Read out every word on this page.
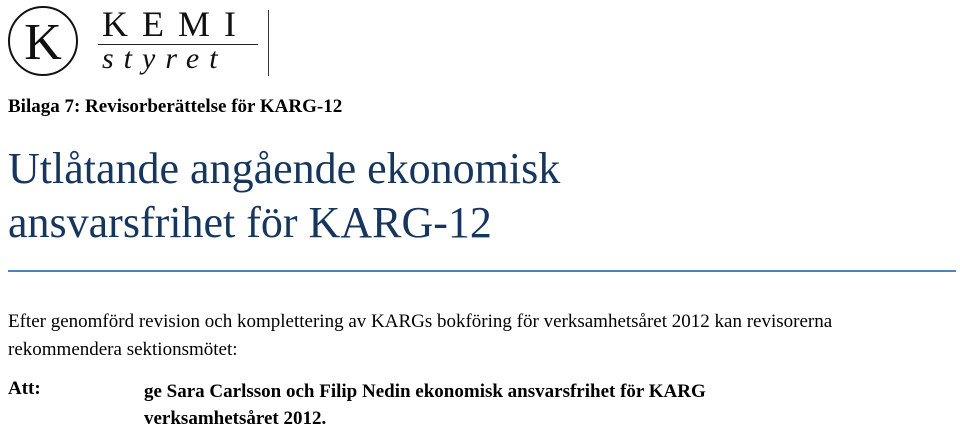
K KEMI
styret
Bilaga 7: Revisorberättelse för KARG-12
Utlåtande angående ekonomisk
ansvarsfrihet för KARG-12
Efter genomförd revision och komplettering av KARGs bokföring för verksamhetsåret 2012 kan revisorerna rekommendera sektionsmötet:
Att:	ge Sara Carlsson och Filip Nedin ekonomisk ansvarsfrihet för KARG
verksamhetsåret 2012.
